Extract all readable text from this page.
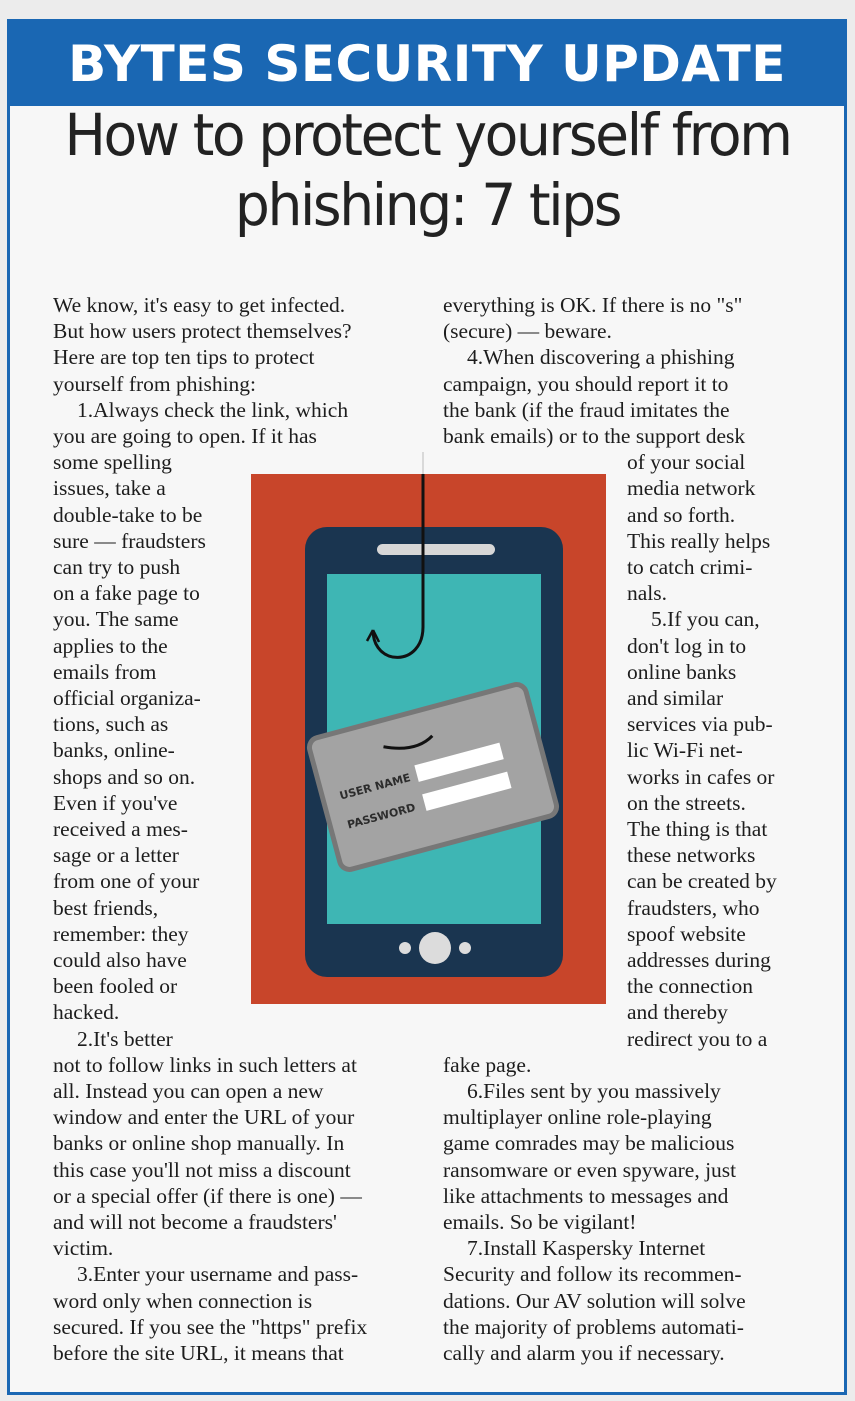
BYTES SECURITY UPDATE
How to protect yourself from
phishing: 7 tips
We know, it's easy to get infected.
But how users protect themselves?
Here are top ten tips to protect
yourself from phishing:
1.Always check the link, which
you are going to open. If it has
some spelling
issues, take a
double-take to be
sure — fraudsters
can try to push
on a fake page to
you. The same
applies to the
emails from
official organiza-
tions, such as
banks, online-
shops and so on.
Even if you've
received a mes-
sage or a letter
from one of your
best friends,
remember: they
could also have
been fooled or
hacked.
2.It's better
not to follow links in such letters at
all. Instead you can open a new
window and enter the URL of your
banks or online shop manually. In
this case you'll not miss a discount
or a special offer (if there is one) —
and will not become a fraudsters'
victim.
3.Enter your username and pass-
word only when connection is
secured. If you see the "https" prefix
before the site URL, it means that
everything is OK. If there is no "s"
(secure) — beware.
4.When discovering a phishing
campaign, you should report it to
the bank (if the fraud imitates the
bank emails) or to the support desk
of your social
media network
and so forth.
This really helps
to catch crimi-
nals.
5.If you can,
don't log in to
online banks
and similar
services via pub-
lic Wi-Fi net-
works in cafes or
on the streets.
The thing is that
these networks
can be created by
fraudsters, who
spoof website
addresses during
the connection
and thereby
redirect you to a
fake page.
6.Files sent by you massively
multiplayer online role-playing
game comrades may be malicious
ransomware or even spyware, just
like attachments to messages and
emails. So be vigilant!
7.Install Kaspersky Internet
Security and follow its recommen-
dations. Our AV solution will solve
the majority of problems automati-
cally and alarm you if necessary.
USER NAME
PASSWORD
